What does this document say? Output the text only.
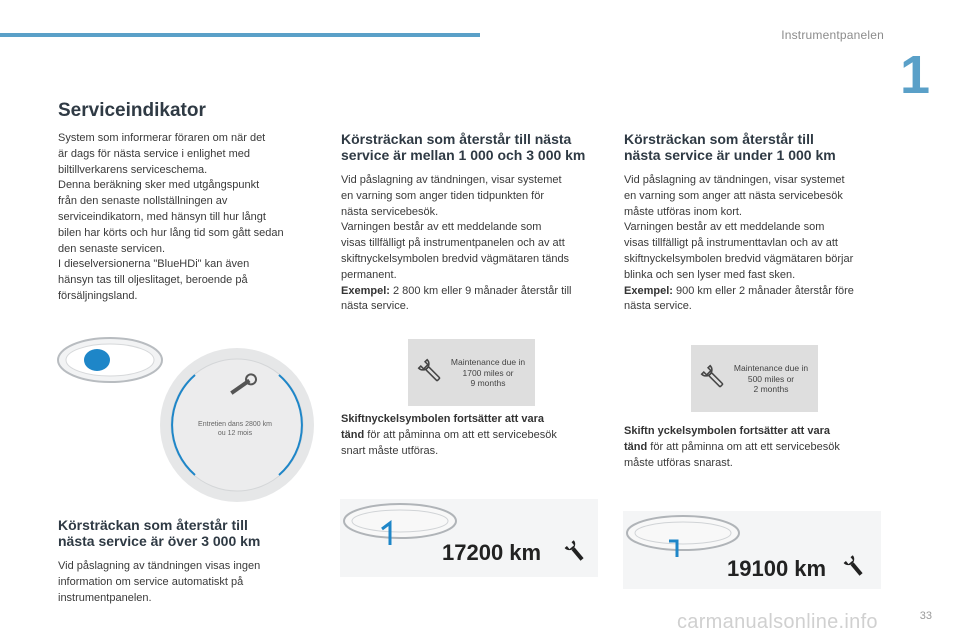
Instrumentpanelen
1
Serviceindikator

System som informerar föraren om när det

är dags för nästa service i enlighet med

biltillverkarens serviceschema.

Denna beräkning sker med utgångspunkt

från den senaste nollställningen av

serviceindikatorn, med hänsyn till hur långt

bilen har körts och hur lång tid som gått sedan

den senaste servicen.

I dieselversionerna "BlueHDi" kan även

hänsyn tas till oljeslitaget, beroende på

försäljningsland.

Entretien dans 2800 km
ou 12 mois
Körsträckan som återstår till
nästa service är över 3 000 km

Vid påslagning av tändningen visas ingen

information om service automatiskt på

instrumentpanelen.

Körsträckan som återstår till nästa
service är mellan 1 000 och 3 000 km

Vid påslagning av tändningen, visar systemet

en varning som anger tiden tidpunkten för

nästa servicebesök.

Varningen består av ett meddelande som

visas tillfälligt på instrumentpanelen och av att

skiftnyckelsymbolen bredvid vägmätaren tänds

permanent.

Exempel: 2 800 km eller 9 månader återstår till

nästa service.

Maintenance due in
1700 miles or
9 months

Skiftnyckelsymbolen fortsätter att vara

tänd för att påminna om att ett servicebesök

snart måste utföras.

17200 km
Körsträckan som återstår till
nästa service är under 1 000 km

Vid påslagning av tändningen, visar systemet

en varning som anger att nästa servicebesök

måste utföras inom kort.

Varningen består av ett meddelande som

visas tillfälligt på instrumenttavlan och av att

skiftnyckelsymbolen bredvid vägmätaren börjar

blinka och sen lyser med fast sken.

Exempel: 900 km eller 2 månader återstår före

nästa service.

Maintenance due in
500 miles or
2 months

Skiftn yckelsymbolen fortsätter att vara

tänd för att påminna om att ett servicebesök

måste utföras snarast.

19100 km
carmanualsonline.info	33
